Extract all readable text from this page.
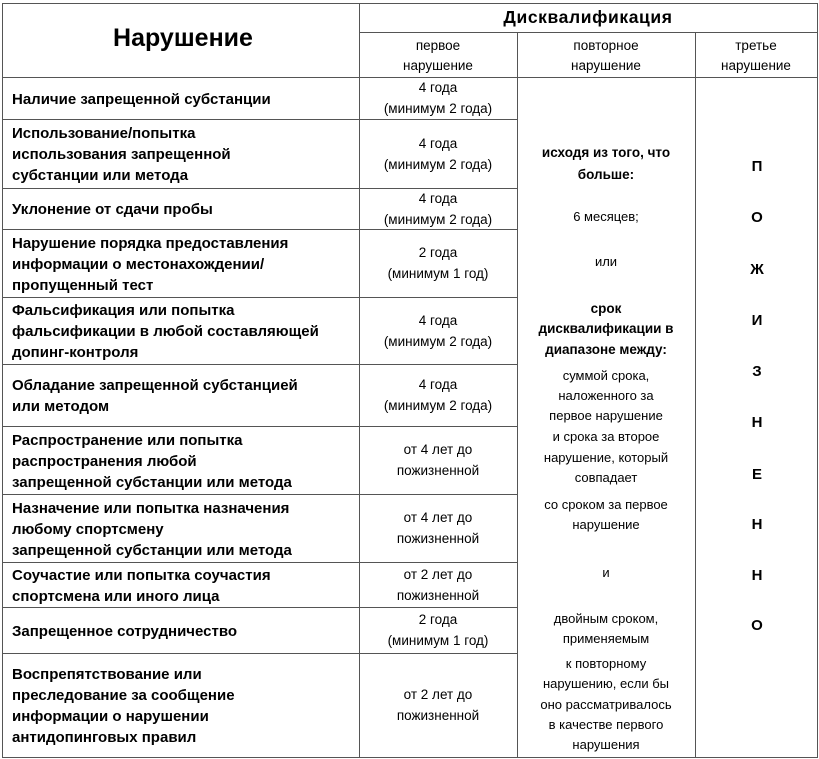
Нарушение
Дисквалификация
первое
нарушение
повторное
нарушение
третье
нарушение
Наличие запрещенной субстанции
4 года
(минимум 2 года)
Использование/попытка
использования запрещенной
субстанции или метода
4 года
(минимум 2 года)
Уклонение от сдачи пробы
4 года
(минимум 2 года)
Нарушение порядка предоставления
информации о местонахождении/
пропущенный тест
2 года
(минимум 1 год)
Фальсификация или попытка
фальсификации в любой составляющей
допинг-контроля
4 года
(минимум 2 года)
Обладание запрещенной субстанцией
или методом
4 года
(минимум 2 года)
Распространение или попытка
распространения любой
запрещенной субстанции или метода
от 4 лет до
пожизненной
Назначение или попытка назначения
любому спортсмену
запрещенной субстанции или метода
от 4 лет до
пожизненной
Соучастие или попытка соучастия
спортсмена или иного лица
от 2 лет до
пожизненной
Запрещенное сотрудничество
2 года
(минимум 1 год)
Воспрепятствование или
преследование за сообщение
информации о нарушении
антидопинговых правил
от 2 лет до
пожизненной
исходя из того, что
больше:
6 месяцев;
или
срок
дисквалификации в
диапазоне между:
суммой срока,
наложенного за
первое нарушение
и срока за второе
нарушение, который
совпадает
со сроком за первое
нарушение
и
двойным сроком,
применяемым
к повторному
нарушению, если бы
оно рассматривалось
в качестве первого
нарушения
П
О
Ж
И
З
Н
Е
Н
Н
О
